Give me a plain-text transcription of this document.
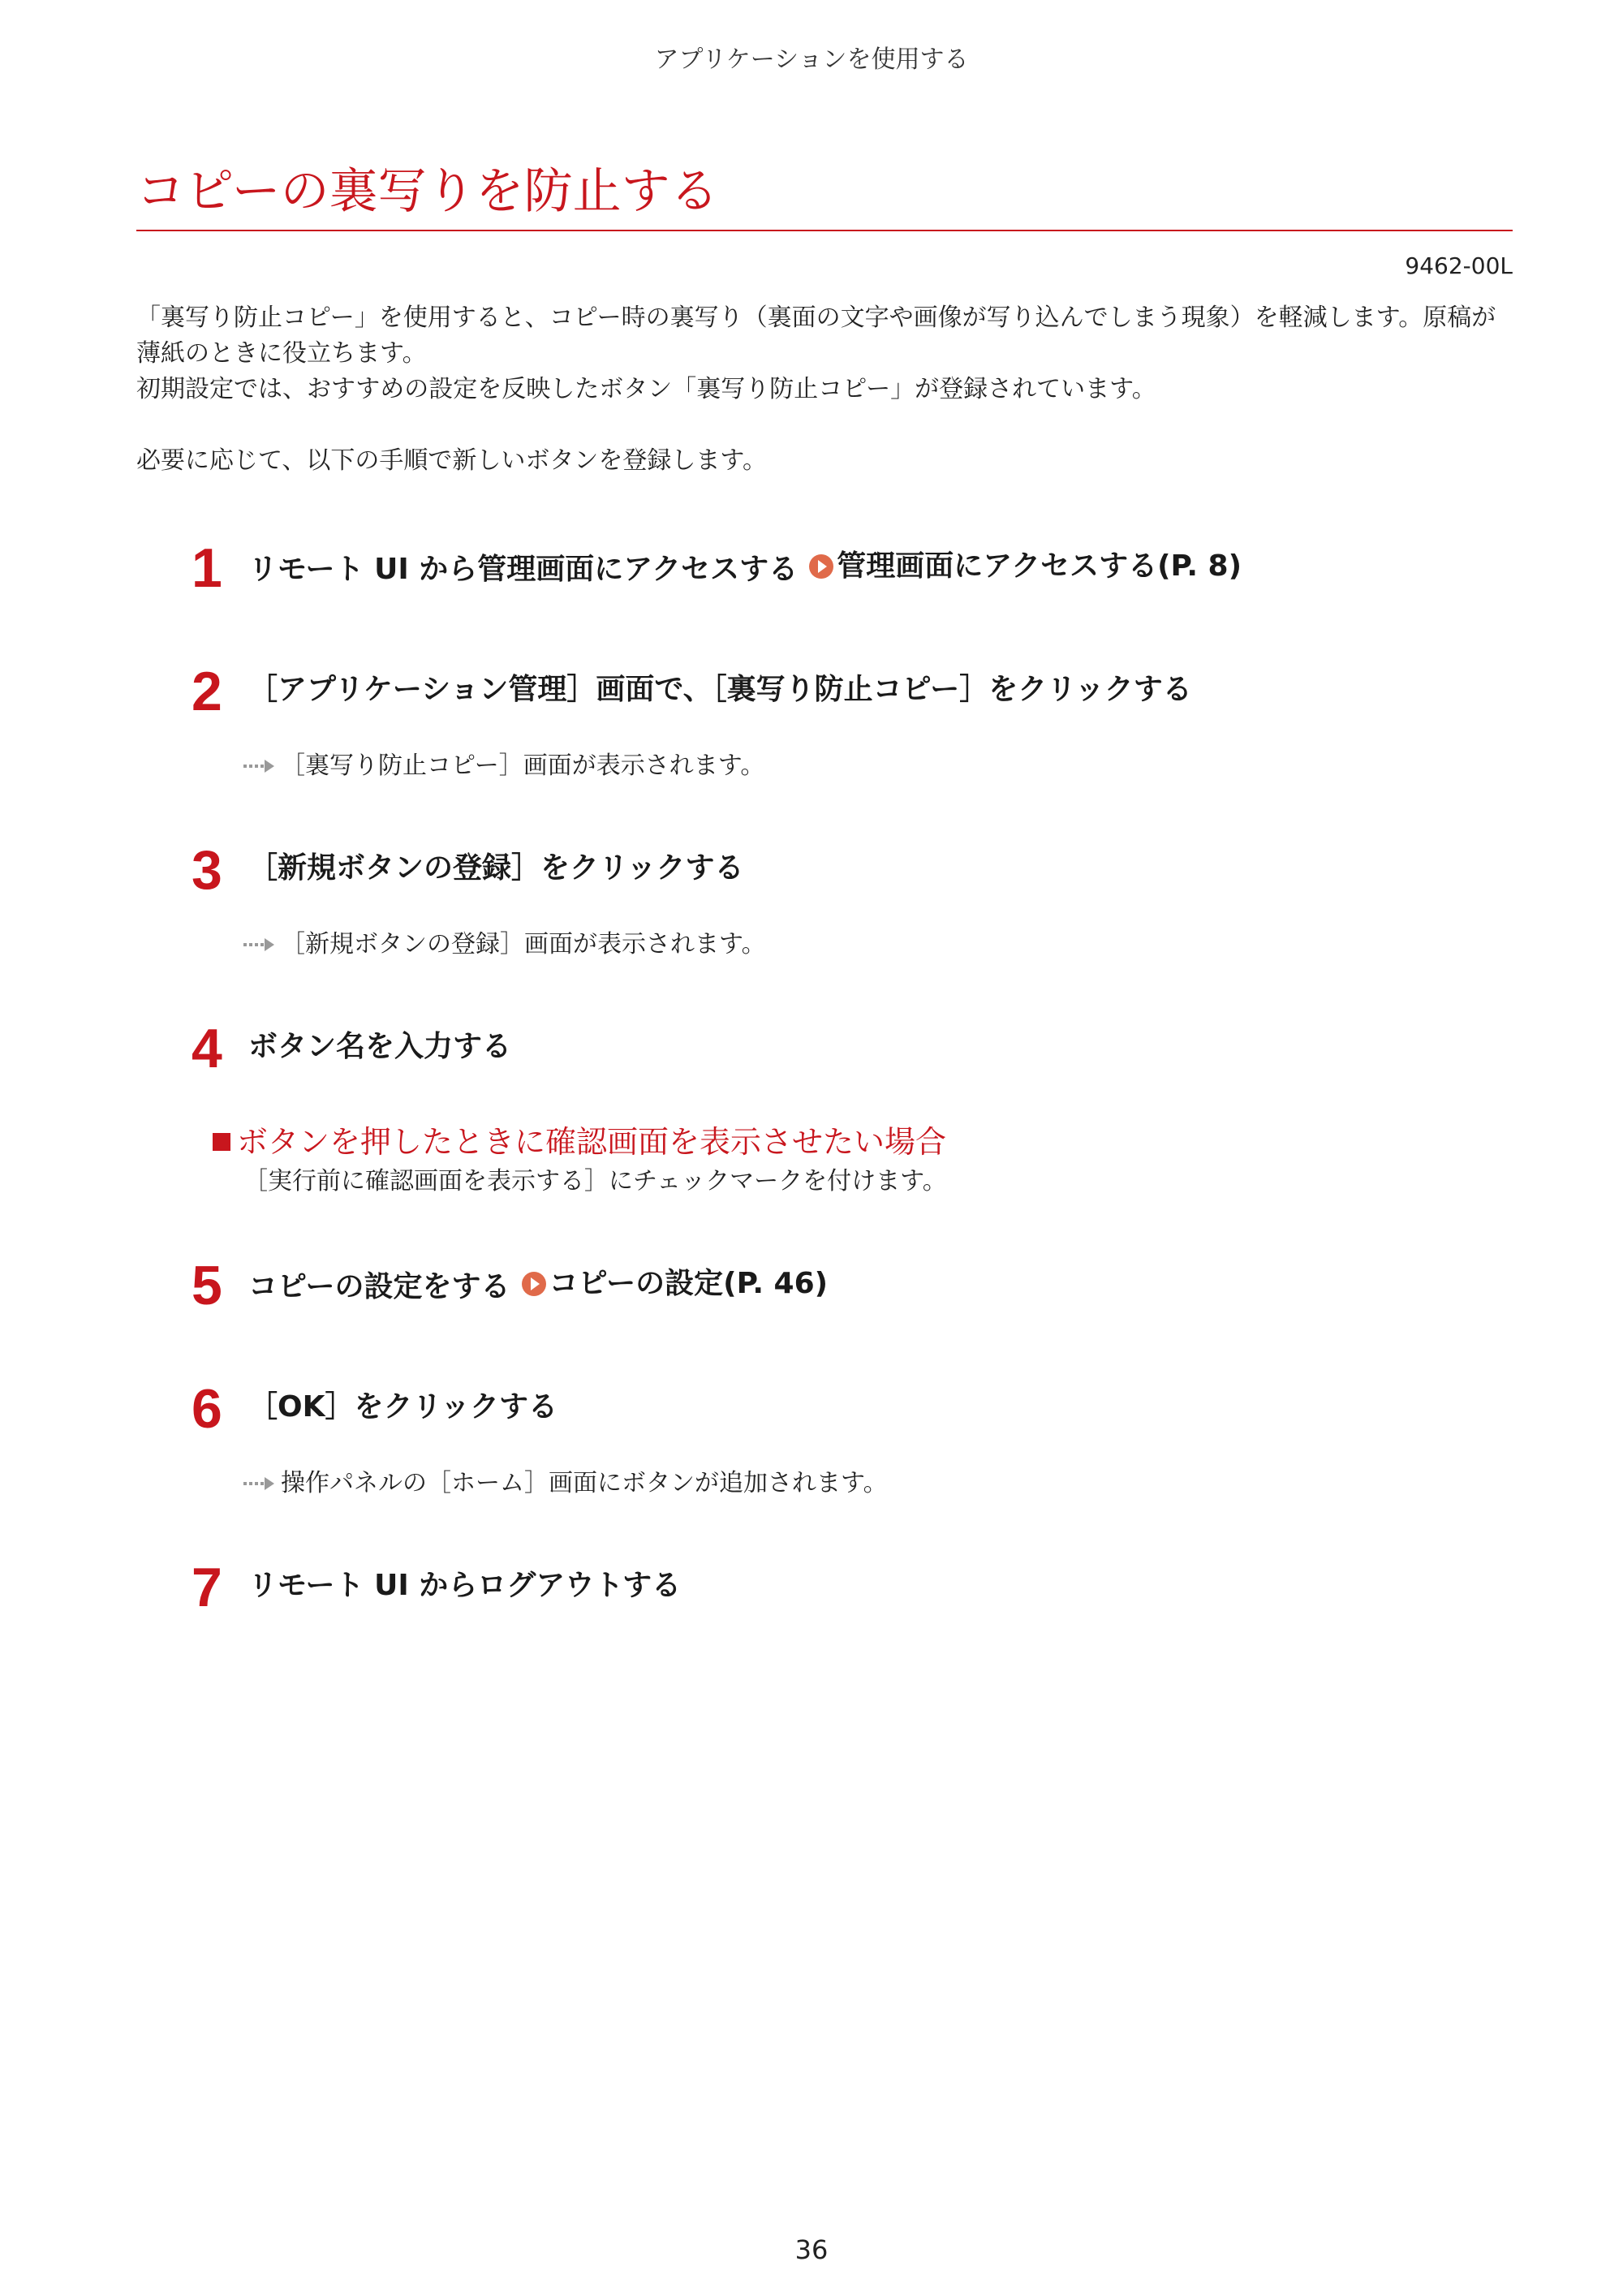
アプリケーションを使用する
コピーの裏写りを防止する
9462-00L

「裏写り防止コピー」を使用すると、コピー時の裏写り（裏面の文字や画像が写り込んでしまう現象）を軽減します。原稿が

薄紙のときに役立ちます。

初期設定では、おすすめの設定を反映したボタン「裏写り防止コピー」が登録されています。

必要に応じて、以下の手順で新しいボタンを登録します。

1 リモート UI から管理画面にアクセスする 管理画面にアクセスする(P. 8)
2 ［アプリケーション管理］画面で、［裏写り防止コピー］をクリックする
［裏写り防止コピー］画面が表示されます。
3 ［新規ボタンの登録］をクリックする
［新規ボタンの登録］画面が表示されます。
4 ボタン名を入力する
ボタンを押したときに確認画面を表示させたい場合
［実行前に確認画面を表示する］にチェックマークを付けます。
5 コピーの設定をする コピーの設定(P. 46)
6 ［OK］をクリックする
操作パネルの［ホーム］画面にボタンが追加されます。
7 リモート UI からログアウトする
36
